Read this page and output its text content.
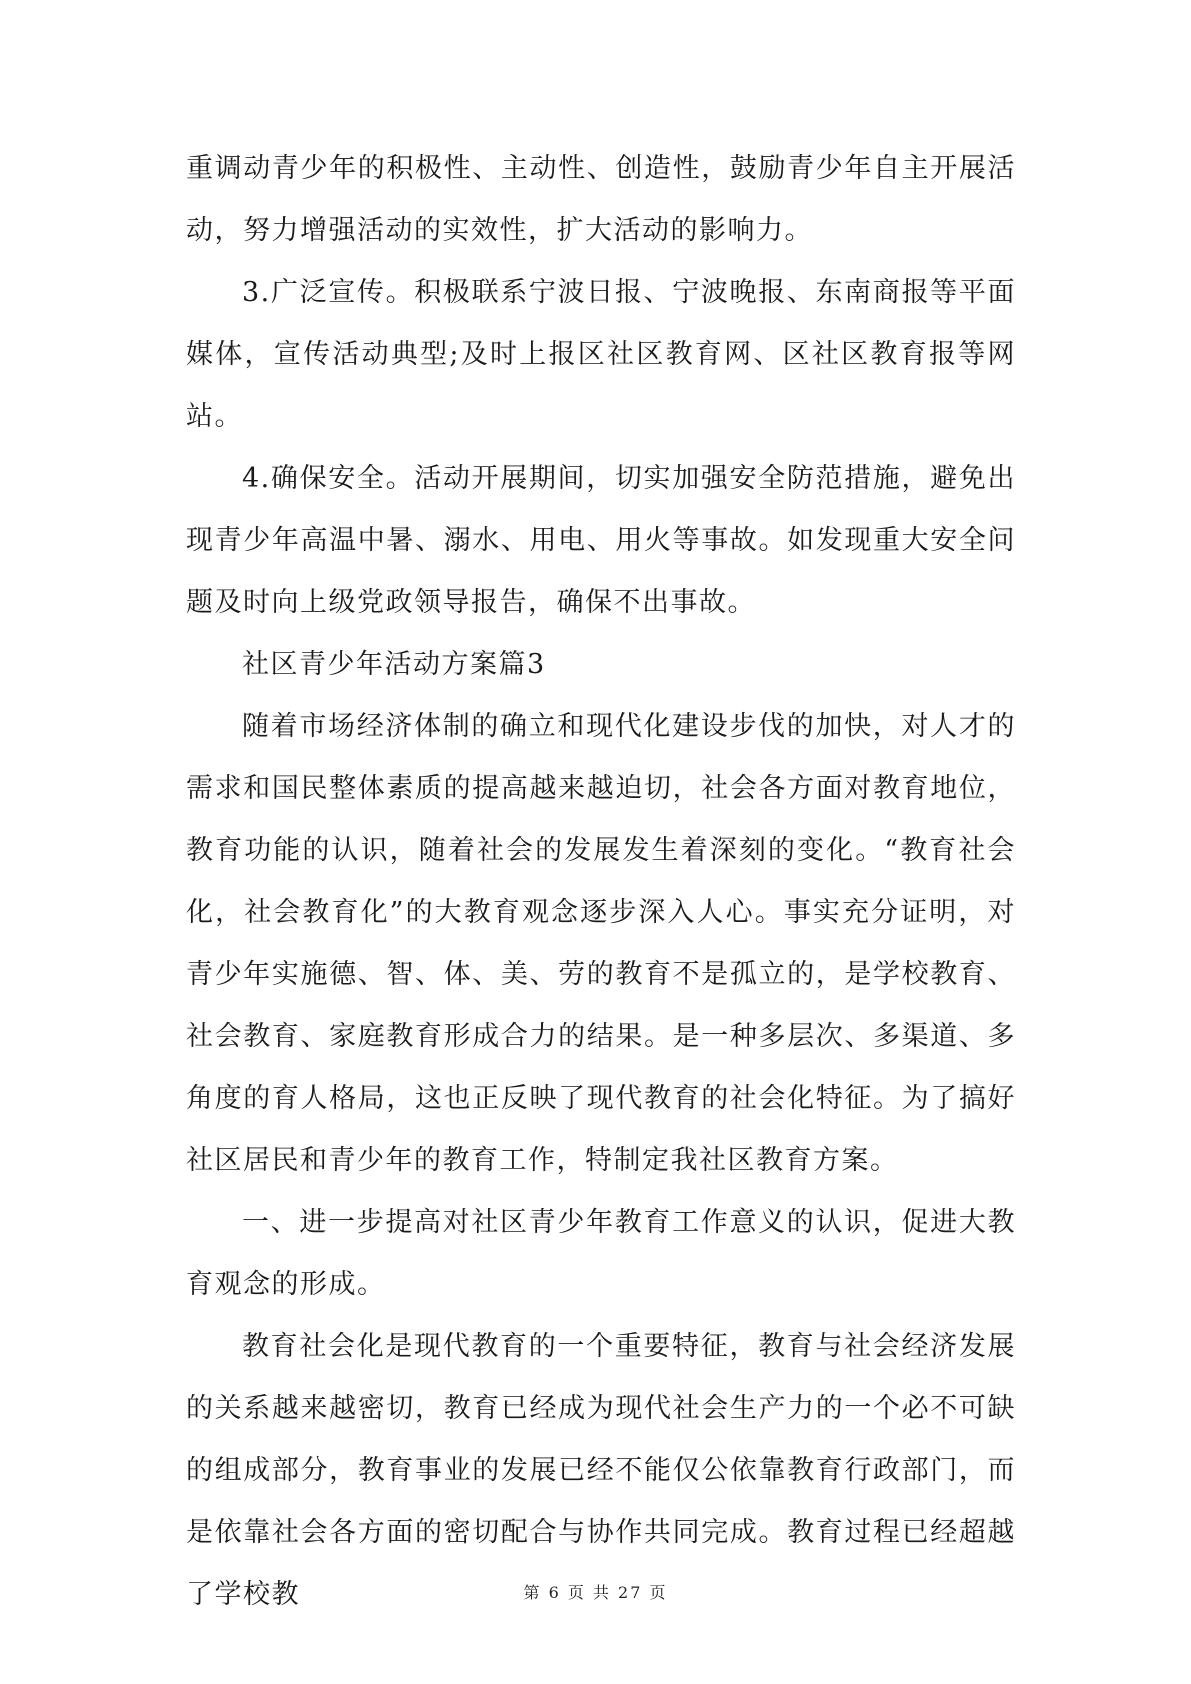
重调动青少年的积极性、主动性、创造性，鼓励青少年自主开展活动，努力增强活动的实效性，扩大活动的影响力。

3.广泛宣传。积极联系宁波日报、宁波晚报、东南商报等平面媒体，宣传活动典型;及时上报区社区教育网、区社区教育报等网站。

4.确保安全。活动开展期间，切实加强安全防范措施，避免出现青少年高温中暑、溺水、用电、用火等事故。如发现重大安全问题及时向上级党政领导报告，确保不出事故。

社区青少年活动方案篇3

随着市场经济体制的确立和现代化建设步伐的加快，对人才的需求和国民整体素质的提高越来越迫切，社会各方面对教育地位，教育功能的认识，随着社会的发展发生着深刻的变化。“教育社会化，社会教育化”的大教育观念逐步深入人心。事实充分证明，对青少年实施德、智、体、美、劳的教育不是孤立的，是学校教育、社会教育、家庭教育形成合力的结果。是一种多层次、多渠道、多角度的育人格局，这也正反映了现代教育的社会化特征。为了搞好社区居民和青少年的教育工作，特制定我社区教育方案。

一、进一步提高对社区青少年教育工作意义的认识，促进大教育观念的形成。

教育社会化是现代教育的一个重要特征，教育与社会经济发展的关系越来越密切，教育已经成为现代社会生产力的一个必不可缺的组成部分，教育事业的发展已经不能仅公依靠教育行政部门，而是依靠社会各方面的密切配合与协作共同完成。教育过程已经超越了学校教	第 6 页 共 27 页
